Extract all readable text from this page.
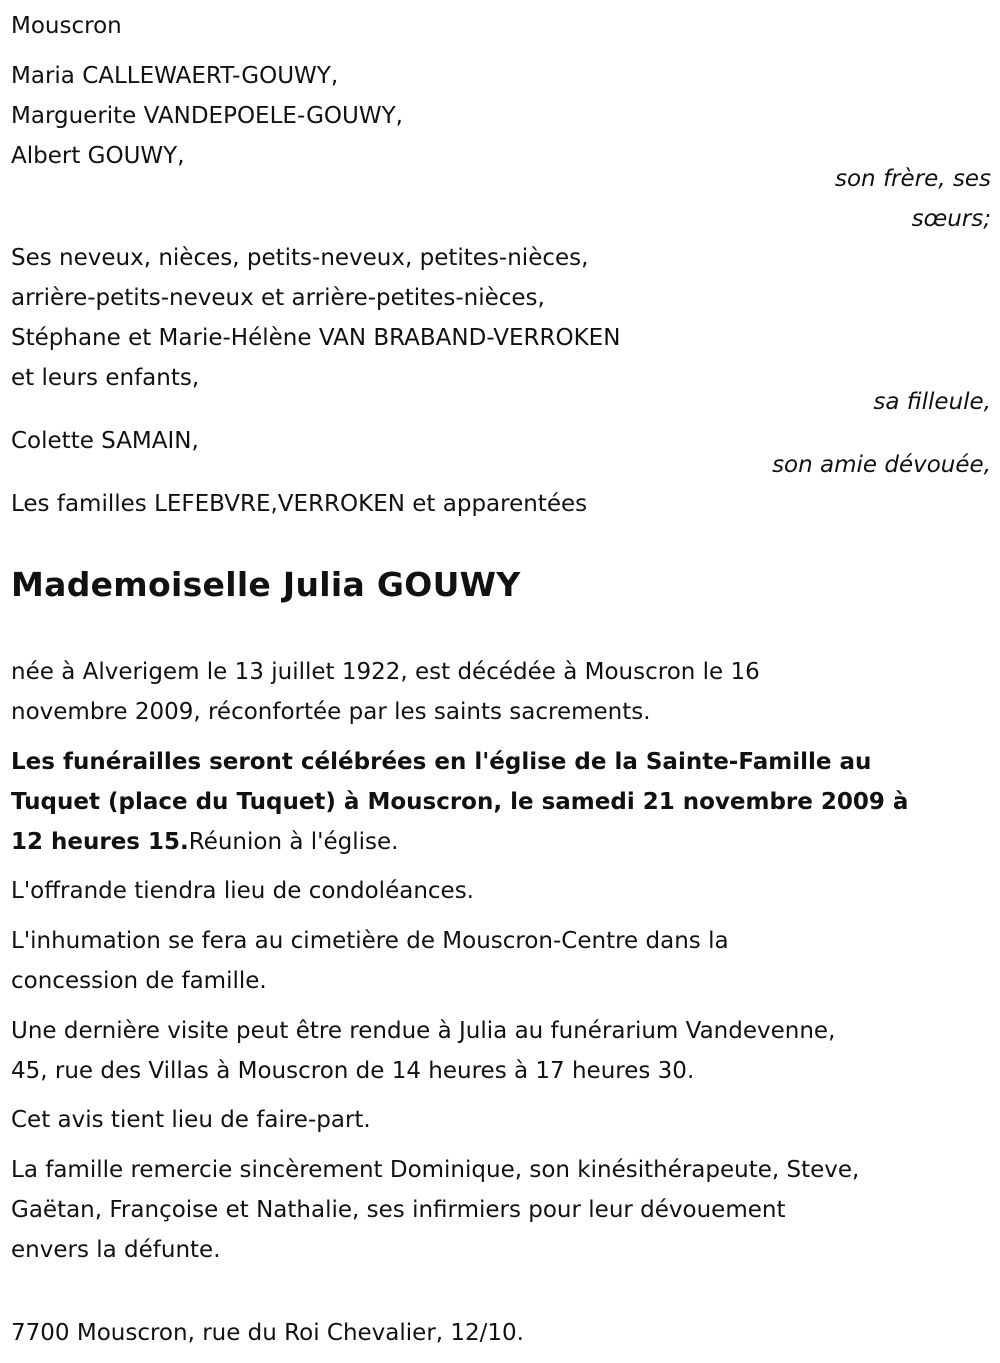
Mouscron
Maria CALLEWAERT-GOUWY,
Marguerite VANDEPOELE-GOUWY,
Albert GOUWY,
son frère, ses
sœurs;
Ses neveux, nièces, petits-neveux, petites-nièces,
arrière-petits-neveux et arrière-petites-nièces,
Stéphane et Marie-Hélène VAN BRABAND-VERROKEN
et leurs enfants,
sa filleule,
Colette SAMAIN,
son amie dévouée,
Les familles LEFEBVRE,VERROKEN et apparentées
Mademoiselle Julia GOUWY
née à Alverigem le 13 juillet 1922, est décédée à Mouscron le 16
novembre 2009, réconfortée par les saints sacrements.
Les funérailles seront célébrées en l'église de la Sainte-Famille au
Tuquet (place du Tuquet) à Mouscron, le samedi 21 novembre 2009 à
12 heures 15.Réunion à l'église.
L'offrande tiendra lieu de condoléances.
L'inhumation se fera au cimetière de Mouscron-Centre dans la
concession de famille.
Une dernière visite peut être rendue à Julia au funérarium Vandevenne,
45, rue des Villas à Mouscron de 14 heures à 17 heures 30.
Cet avis tient lieu de faire-part.
La famille remercie sincèrement Dominique, son kinésithérapeute, Steve,
Gaëtan, Françoise et Nathalie, ses infirmiers pour leur dévouement
envers la défunte.
7700 Mouscron, rue du Roi Chevalier, 12/10.
